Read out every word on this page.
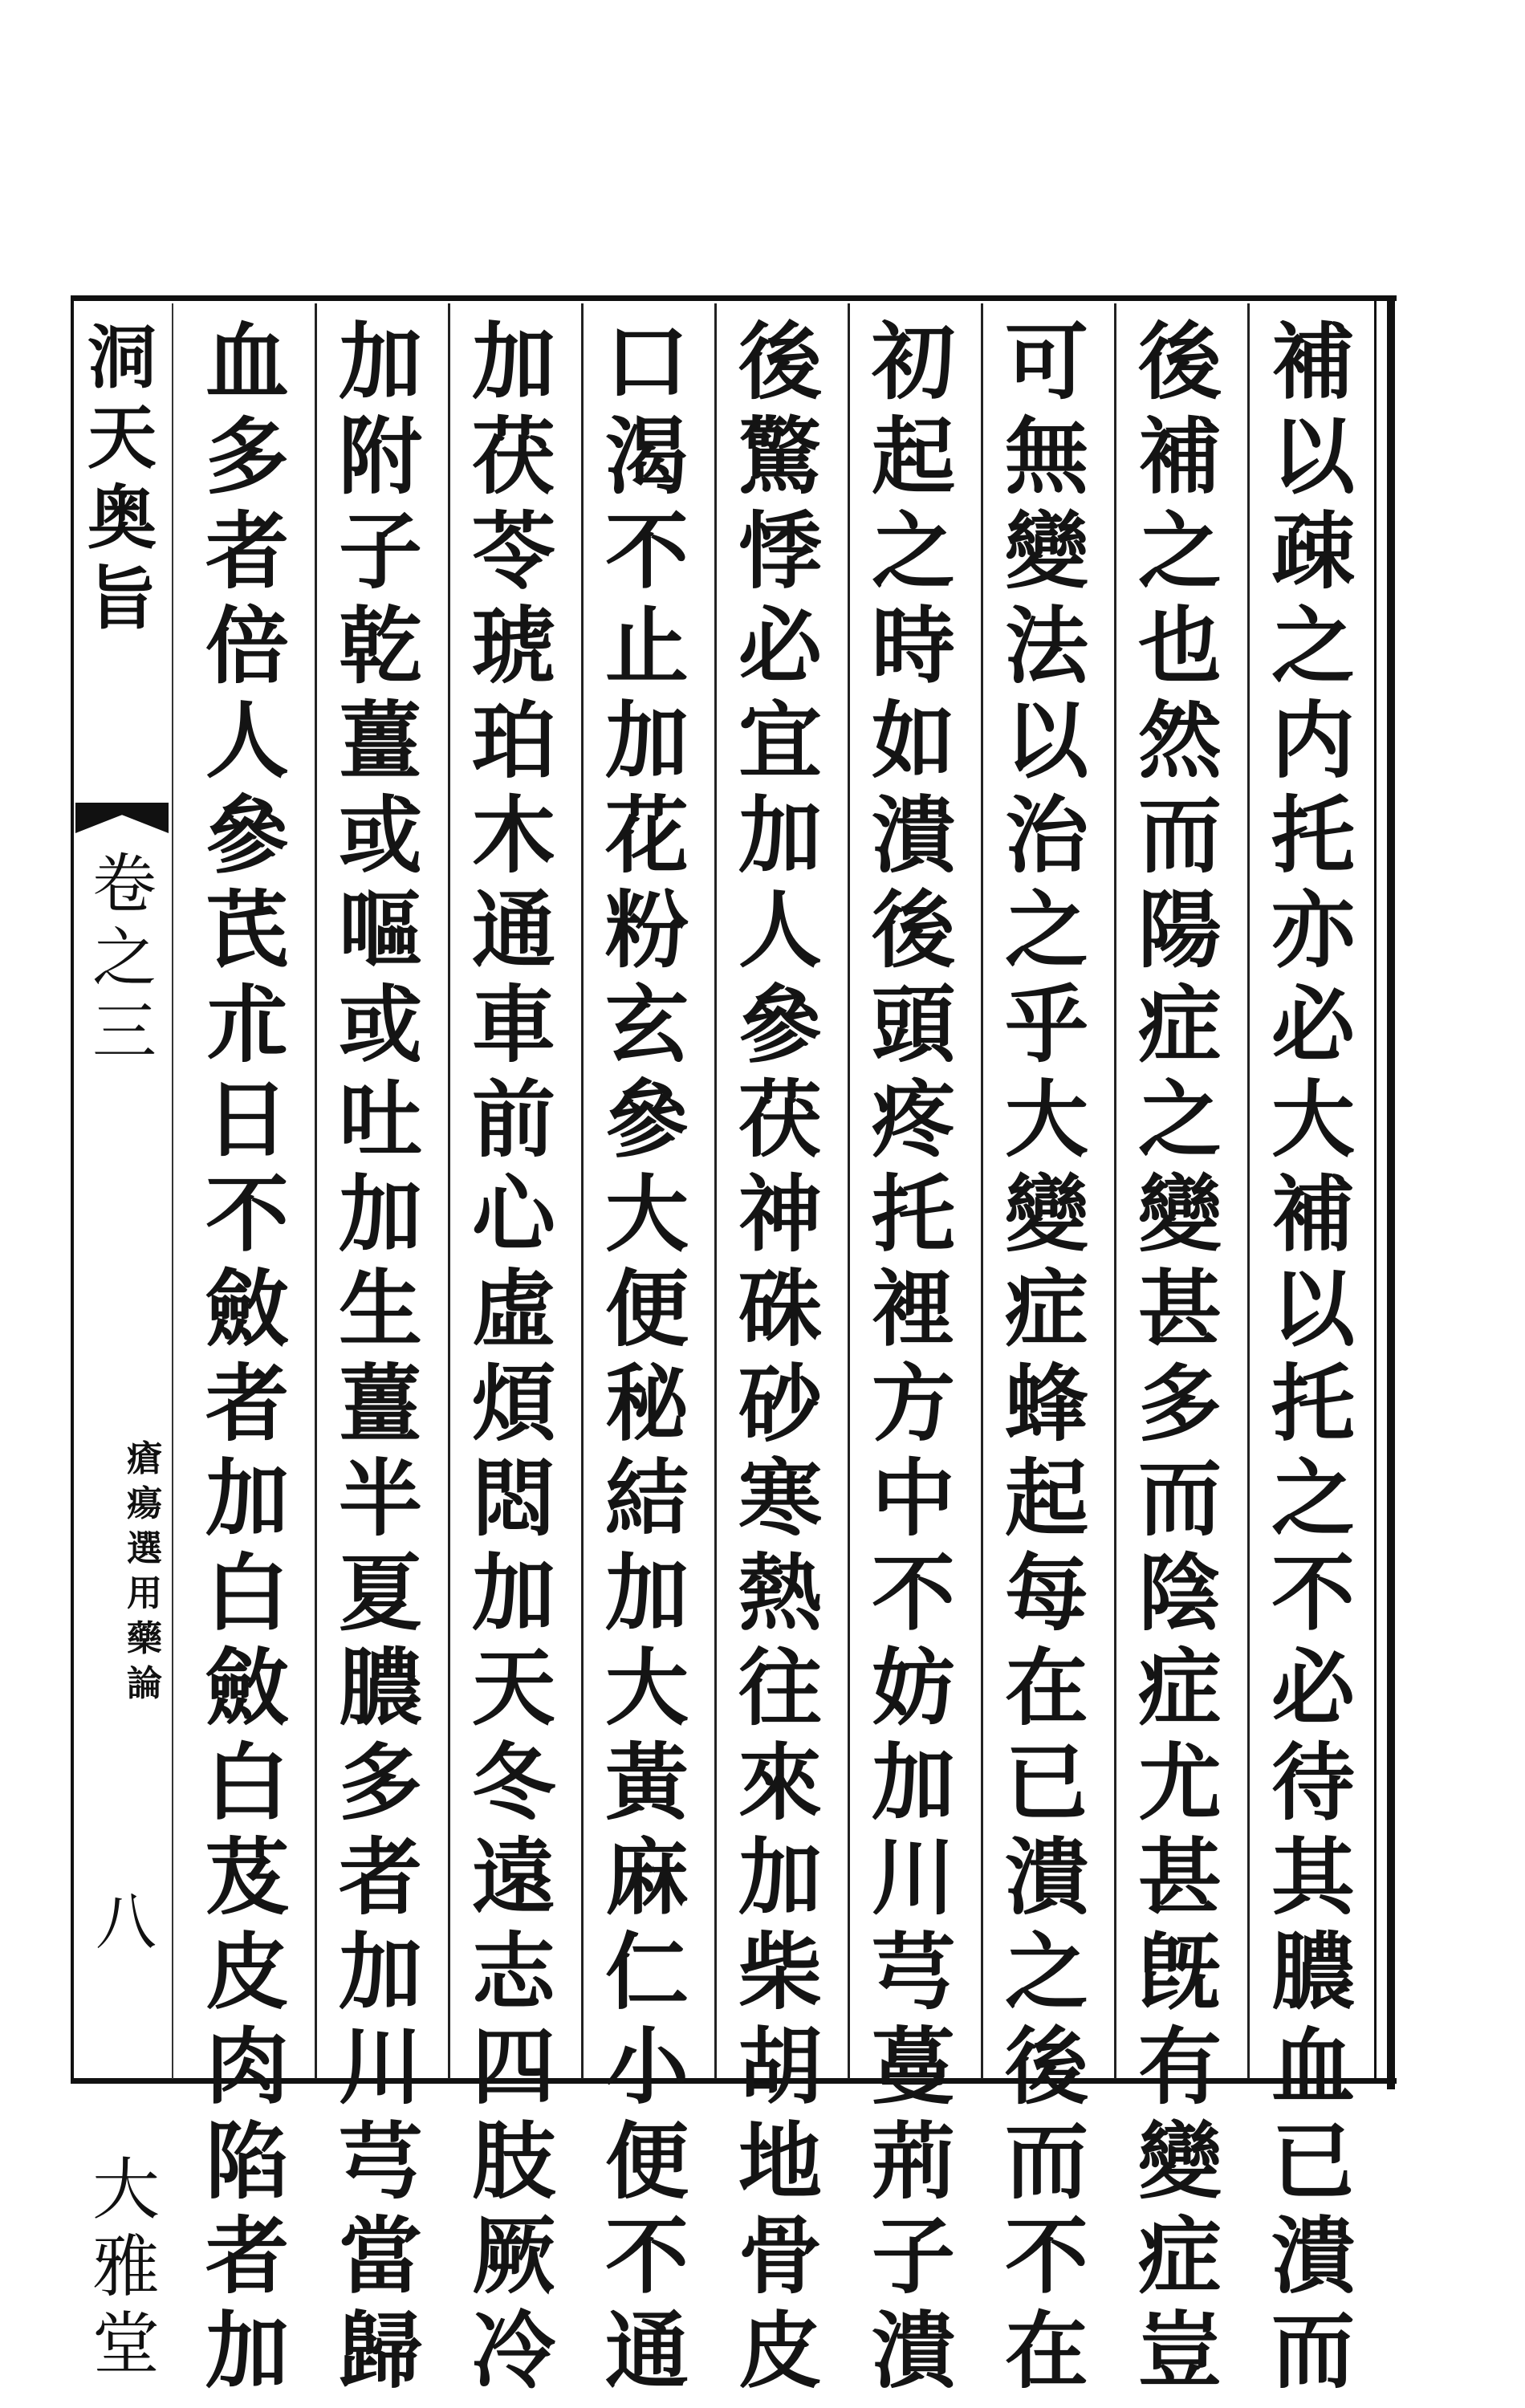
補
以
疎
之
内
托
亦
必
大
補
以
托
之
不
必
待
其
膿
血
已
潰
而
後
補
之
也
然
而
陽
症
之
變
甚
多
而
陰
症
尤
甚
旣
有
變
症
豈
可
無
變
法
以
治
之
乎
大
變
症
蜂
起
每
在
已
潰
之
後
而
不
在
初
起
之
時
如
潰
後
頭
疼
托
裡
方
中
不
妨
加
川
芎
蔓
荊
子
潰
後
驚
悸
必
宜
加
人
參
茯
神
硃
砂
寒
熱
往
來
加
柴
胡
地
骨
皮
口
渴
不
止
加
花
粉
玄
參
大
便
秘
結
加
大
黃
麻
仁
小
便
不
通
加
茯
苓
琥
珀
木
通
車
前
心
虛
煩
悶
加
天
冬
遠
志
四
肢
厥
冷
加
附
子
乾
薑
或
嘔
或
吐
加
生
薑
半
夏
膿
多
者
加
川
芎
當
歸
血
多
者
倍
人
參
芪
朮
日
不
斂
者
加
白
斂
白
芨
皮
肉
陷
者
加
洞
天
奥
旨
卷
之
三
瘡
瘍
選
用
藥
論
八
大
雅
堂
